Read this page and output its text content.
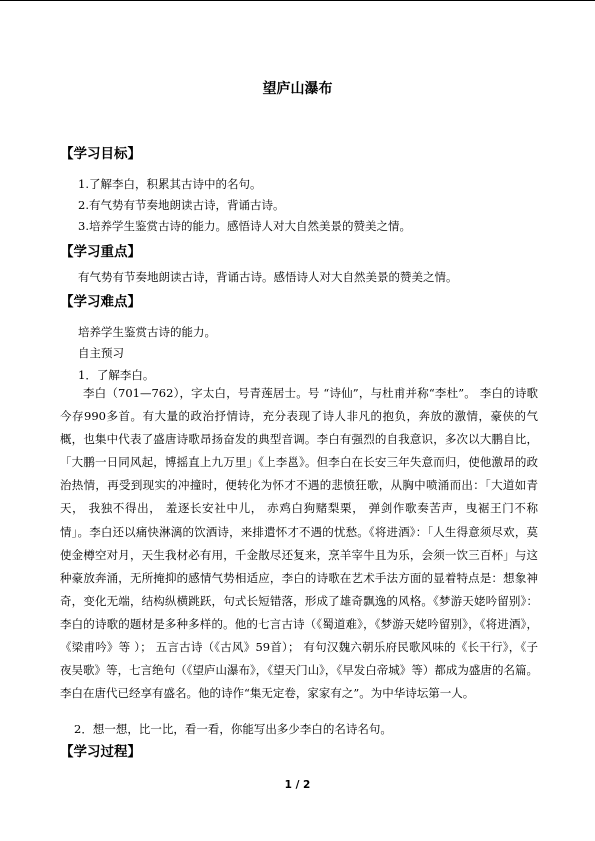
望庐山瀑布
【学习目标】
1.了解李白，积累其古诗中的名句。
2.有气势有节奏地朗读古诗，背诵古诗。
3.培养学生鉴赏古诗的能力。感悟诗人对大自然美景的赞美之情。
【学习重点】
有气势有节奏地朗读古诗，背诵古诗。感悟诗人对大自然美景的赞美之情。
【学习难点】
培养学生鉴赏古诗的能力。
自主预习
1．了解李白。

李白（701—762），字太白，号青莲居士。号 “诗仙”，与杜甫并称“李杜”。 李白的诗歌今存990多首。有大量的政治抒情诗，充分表现了诗人非凡的抱负，奔放的激情，豪侠的气概，也集中代表了盛唐诗歌昂扬奋发的典型音调。李白有强烈的自我意识，多次以大鹏自比，「大鹏一日同风起，博摇直上九万里」《上李邕》。但李白在长安三年失意而归，使他激昂的政治热情，再受到现实的冲撞时，便转化为怀才不遇的悲愤狂歌，从胸中喷涌而出：「大道如青天， 我独不得出， 羞逐长安社中儿， 赤鸡白狗赌梨栗， 弹剑作歌奏苦声，曳裾王门不称情」。李白还以痛快淋漓的饮酒诗，来排遣怀才不遇的忧愁。《将进酒》：「人生得意须尽欢，莫使金樽空对月，天生我材必有用，千金散尽还复来，烹羊宰牛且为乐，会须一饮三百杯」与这种豪放奔涌，无所掩抑的感情气势相适应，李白的诗歌在艺术手法方面的显着特点是：想象神奇，变化无端，结构纵横跳跃，句式长短错落，形成了雄奇飘逸的风格。《梦游天姥吟留别》：李白的诗歌的题材是多种多样的。他的七言古诗（《蜀道难》，《梦游天姥吟留别》，《将进酒》，《梁甫吟》等 ）； 五言古诗（《古风》59首）； 有句汉魏六朝乐府民歌风味的《长干行》，《子夜吴歌》等，七言绝句（《望庐山瀑布》，《望天门山》，《早发白帝城》等）都成为盛唐的名篇。李白在唐代已经享有盛名。他的诗作“集无定卷，家家有之”。为中华诗坛第一人。

2．想一想，比一比，看一看，你能写出多少李白的名诗名句。
【学习过程】
1 / 2
